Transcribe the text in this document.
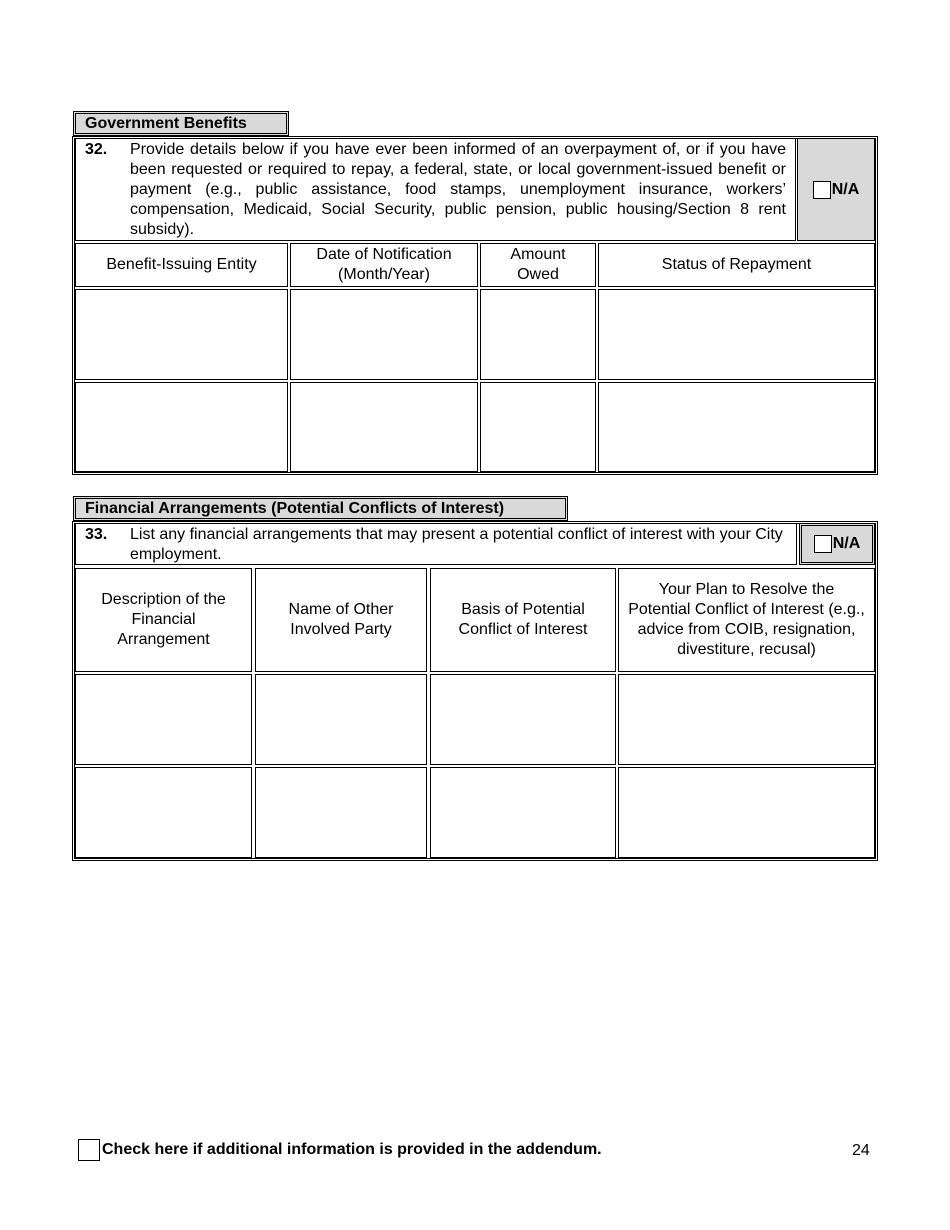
Government Benefits
32. Provide details below if you have ever been informed of an overpayment of, or if you have been requested or required to repay, a federal, state, or local government-issued benefit or payment (e.g., public assistance, food stamps, unemployment insurance, workers’ compensation, Medicaid, Social Security, public pension, public housing/Section 8 rent subsidy).
N/A
Benefit-Issuing Entity
Date of Notification (Month/Year)
Amount Owed
Status of Repayment
Financial Arrangements (Potential Conflicts of Interest)
33. List any financial arrangements that may present a potential conflict of interest with your City employment.
N/A
Description of the Financial Arrangement
Name of Other Involved Party
Basis of Potential Conflict of Interest
Your Plan to Resolve the Potential Conflict of Interest (e.g., advice from COIB, resignation, divestiture, recusal)
Check here if additional information is provided in the addendum.	24
